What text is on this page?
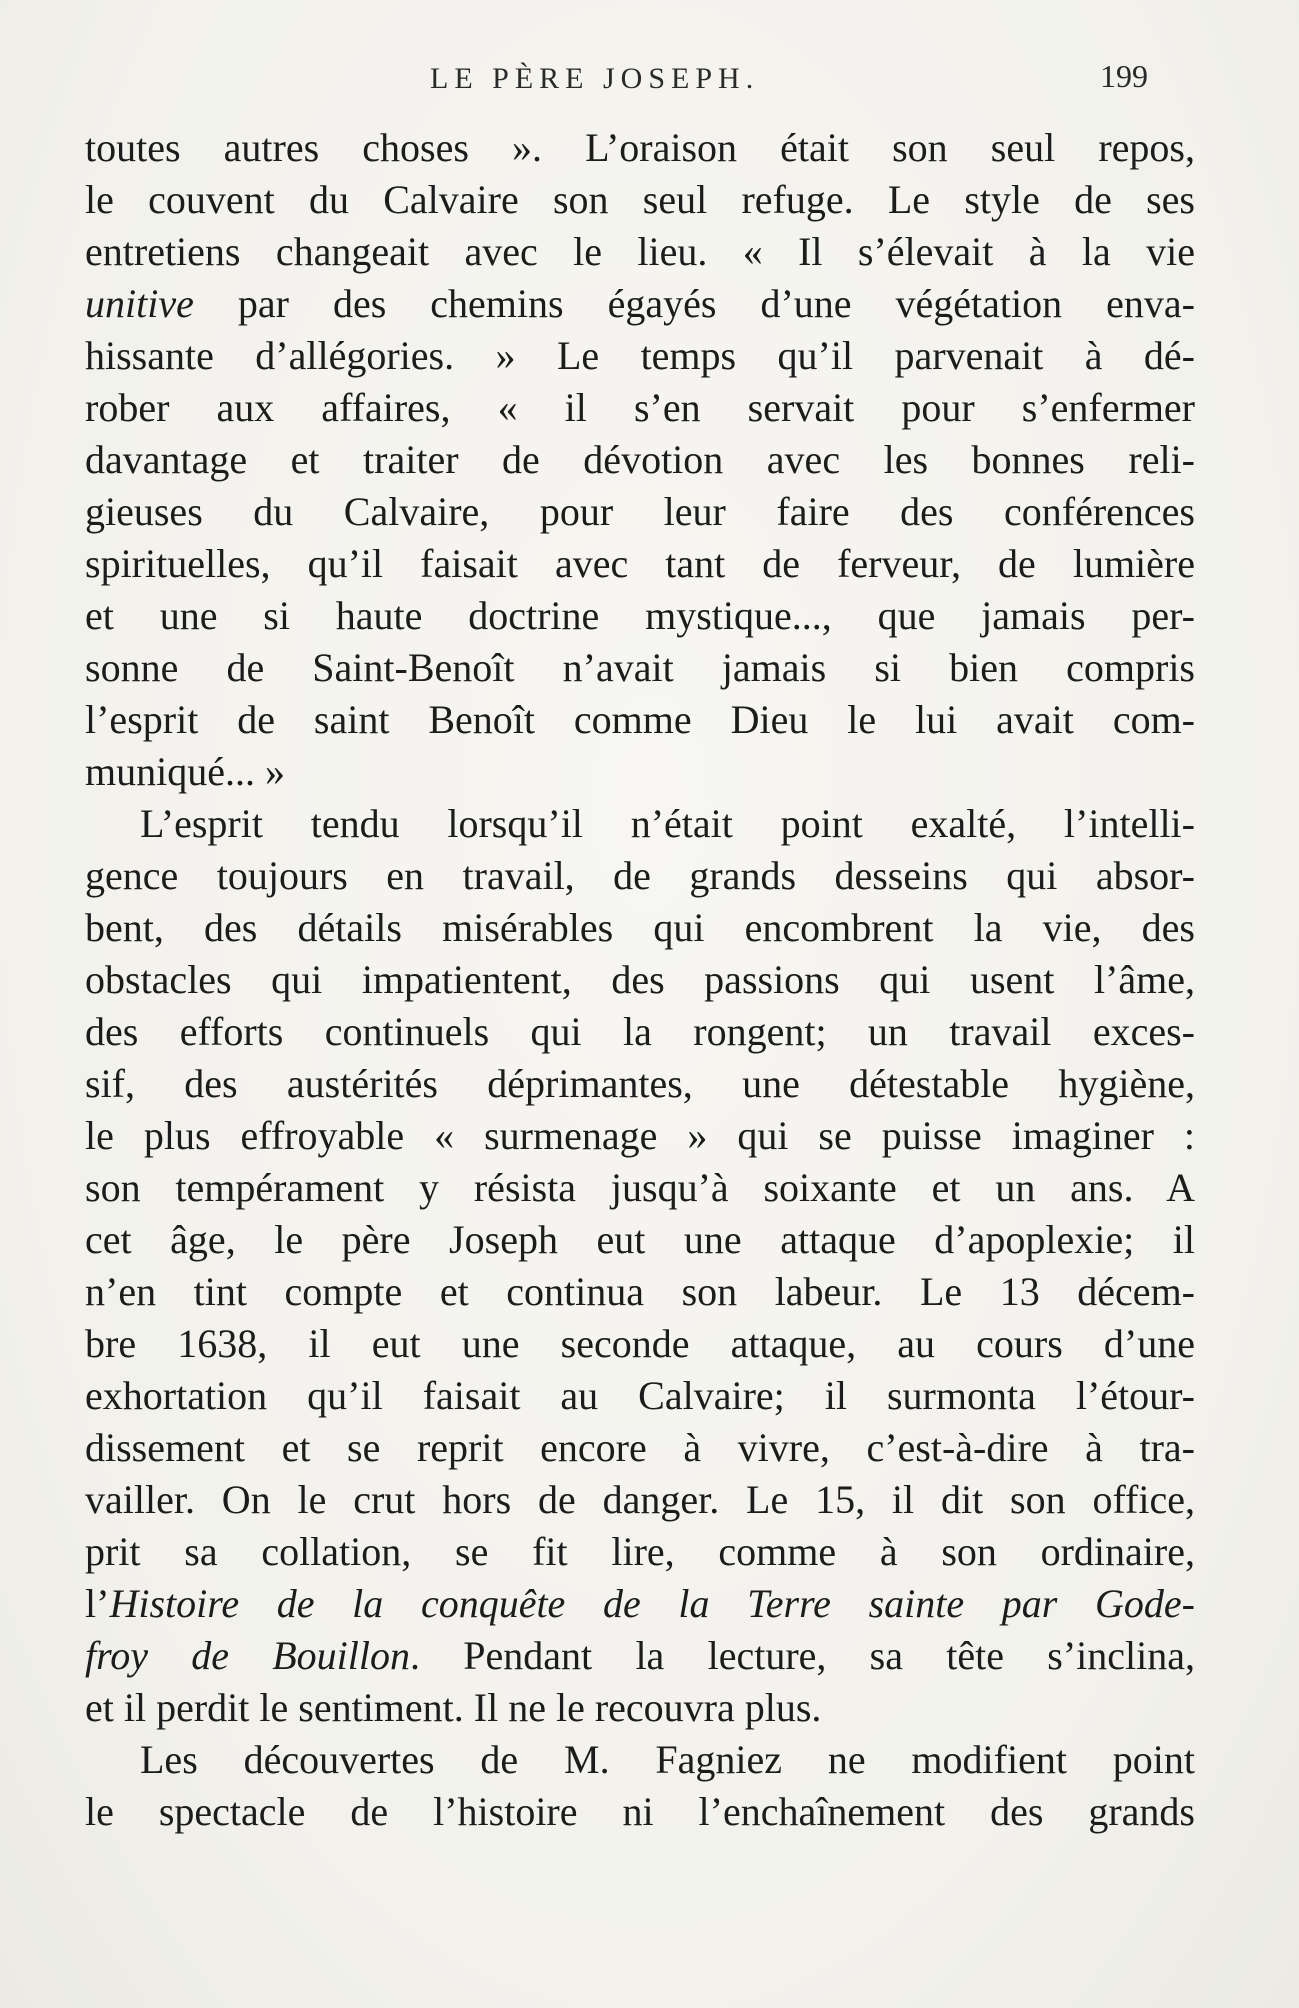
LE PÈRE JOSEPH.	199
toutes autres choses ». L’oraison était son seul repos,
le couvent du Calvaire son seul refuge. Le style de ses
entretiens changeait avec le lieu. « Il s’élevait à la vie
unitive par des chemins égayés d’une végétation enva-
hissante d’allégories. » Le temps qu’il parvenait à dé-
rober aux affaires, « il s’en servait pour s’enfermer
davantage et traiter de dévotion avec les bonnes reli-
gieuses du Calvaire, pour leur faire des conférences
spirituelles, qu’il faisait avec tant de ferveur, de lumière
et une si haute doctrine mystique..., que jamais per-
sonne de Saint-Benoît n’avait jamais si bien compris
l’esprit de saint Benoît comme Dieu le lui avait com-
muniqué... »
L’esprit tendu lorsqu’il n’était point exalté, l’intelli-
gence toujours en travail, de grands desseins qui absor-
bent, des détails misérables qui encombrent la vie, des
obstacles qui impatientent, des passions qui usent l’âme,
des efforts continuels qui la rongent; un travail exces-
sif, des austérités déprimantes, une détestable hygiène,
le plus effroyable « surmenage » qui se puisse imaginer :
son tempérament y résista jusqu’à soixante et un ans. A
cet âge, le père Joseph eut une attaque d’apoplexie; il
n’en tint compte et continua son labeur. Le 13 décem-
bre 1638, il eut une seconde attaque, au cours d’une
exhortation qu’il faisait au Calvaire; il surmonta l’étour-
dissement et se reprit encore à vivre, c’est-à-dire à tra-
vailler. On le crut hors de danger. Le 15, il dit son office,
prit sa collation, se fit lire, comme à son ordinaire,
l’Histoire de la conquête de la Terre sainte par Gode-
froy de Bouillon. Pendant la lecture, sa tête s’inclina,
et il perdit le sentiment. Il ne le recouvra plus.
Les découvertes de M. Fagniez ne modifient point
le spectacle de l’histoire ni l’enchaînement des grands
